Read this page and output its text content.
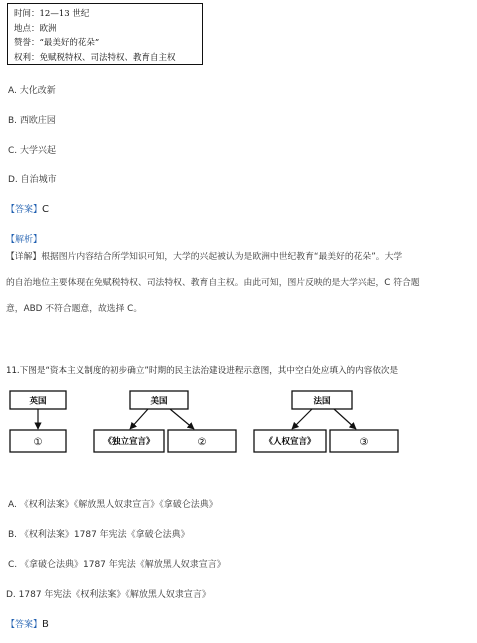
时间：12—13 世纪
地点：欧洲
赞誉：“最美好的花朵”
权利：免赋税特权、司法特权、教育自主权
A. 大化改新
B. 西欧庄园
C. 大学兴起
D. 自治城市
【答案】C
【解析】
【详解】根据图片内容结合所学知识可知，大学的兴起被认为是欧洲中世纪教育“最美好的花朵”。大学
的自治地位主要体现在免赋税特权、司法特权、教育自主权。由此可知，图片反映的是大学兴起，C 符合题
意，ABD 不符合题意，故选择 C。
11.下图是“资本主义制度的初步确立”时期的民主法治建设进程示意图，其中空白处应填入的内容依次是
英国
①
美国
《独立宣言》	②
法国
《人权宣言》	③
A. 《权利法案》《解放黑人奴隶宣言》《拿破仑法典》
B. 《权利法案》1787 年宪法《拿破仑法典》
C. 《拿破仑法典》1787 年宪法《解放黑人奴隶宣言》
D. 1787 年宪法《权利法案》《解放黑人奴隶宣言》
【答案】B
